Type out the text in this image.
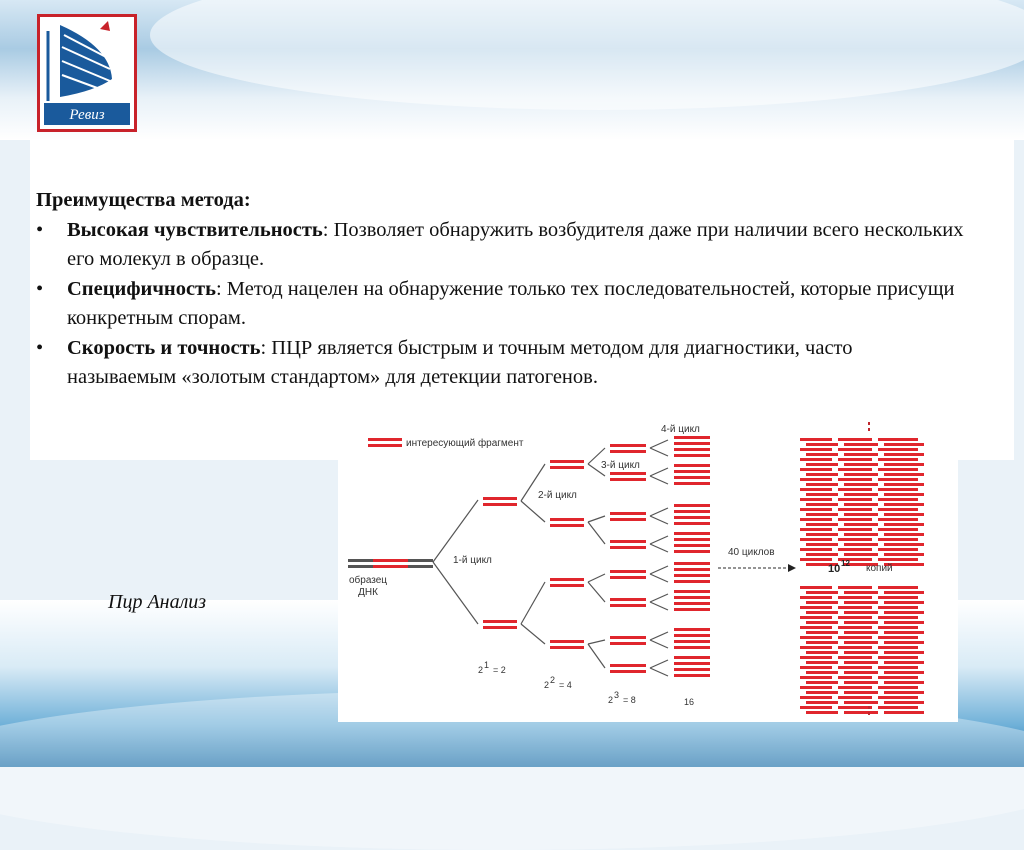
Ревиз
Преимущества метода:
• Высокая чувствительность: Позволяет обнаружить возбудителя даже при наличии всего нескольких его молекул в образце.
• Специфичность: Метод нацелен на обнаружение только тех последовательностей, которые присущи конкретным спорам.
• Скорость и точность: ПЦР является быстрым и точным методом для диагностики, часто называемым «золотым стандартом» для детекции патогенов.
Пцр Анализ
интересующий фрагмент
образец
ДНК
1-й цикл
2-й цикл
3-й цикл
4-й цикл
40 циклов
10 12 копий
2 1 = 2
2 2 = 4
2 3 = 8	16
